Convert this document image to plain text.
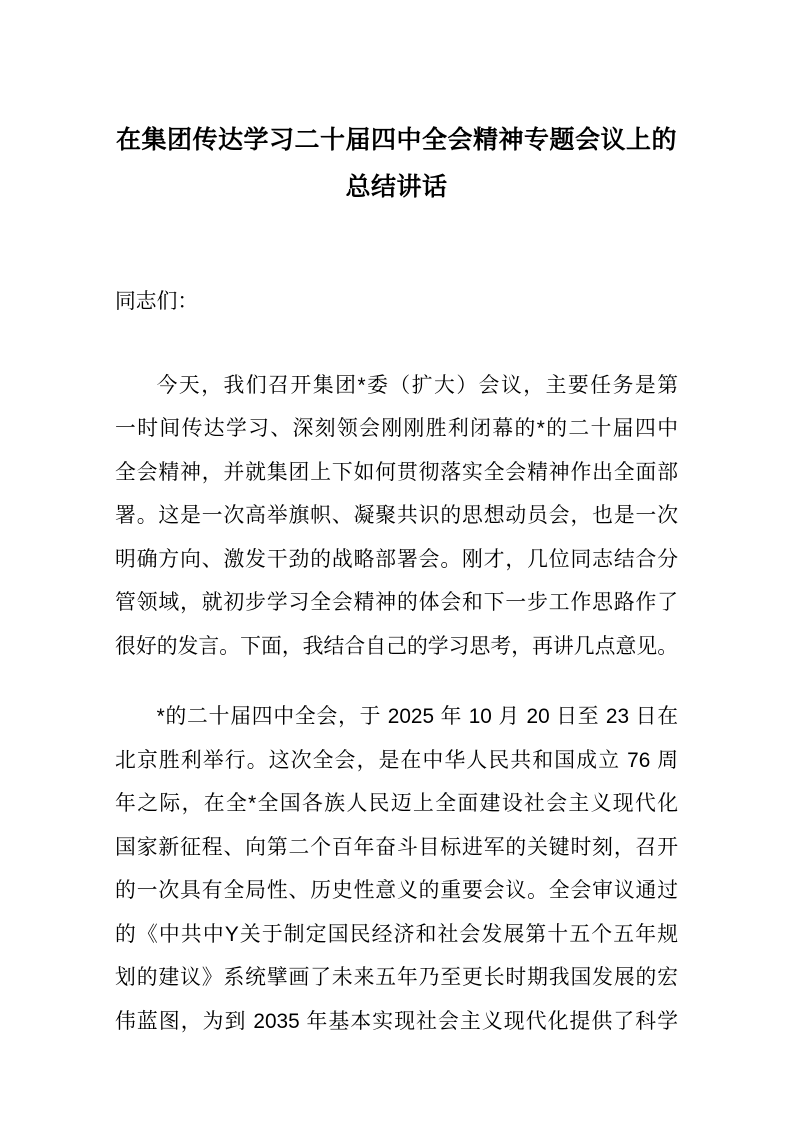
在集团传达学习二十届四中全会精神专题会议上的
总结讲话
同志们：
今天，我们召开集团*委（扩大）会议，主要任务是第
一时间传达学习、深刻领会刚刚胜利闭幕的*的二十届四中
全会精神，并就集团上下如何贯彻落实全会精神作出全面部
署。这是一次高举旗帜、凝聚共识的思想动员会，也是一次
明确方向、激发干劲的战略部署会。刚才，几位同志结合分
管领域，就初步学习全会精神的体会和下一步工作思路作了
很好的发言。下面，我结合自己的学习思考，再讲几点意见。
*的二十届四中全会，于 2025 年 10 月 20 日至 23 日在
北京胜利举行。这次全会，是在中华人民共和国成立 76 周
年之际，在全*全国各族人民迈上全面建设社会主义现代化
国家新征程、向第二个百年奋斗目标进军的关键时刻，召开
的一次具有全局性、历史性意义的重要会议。全会审议通过
的《中共中Y关于制定国民经济和社会发展第十五个五年规
划的建议》系统擘画了未来五年乃至更长时期我国发展的宏
伟蓝图，为到 2035 年基本实现社会主义现代化提供了科学
